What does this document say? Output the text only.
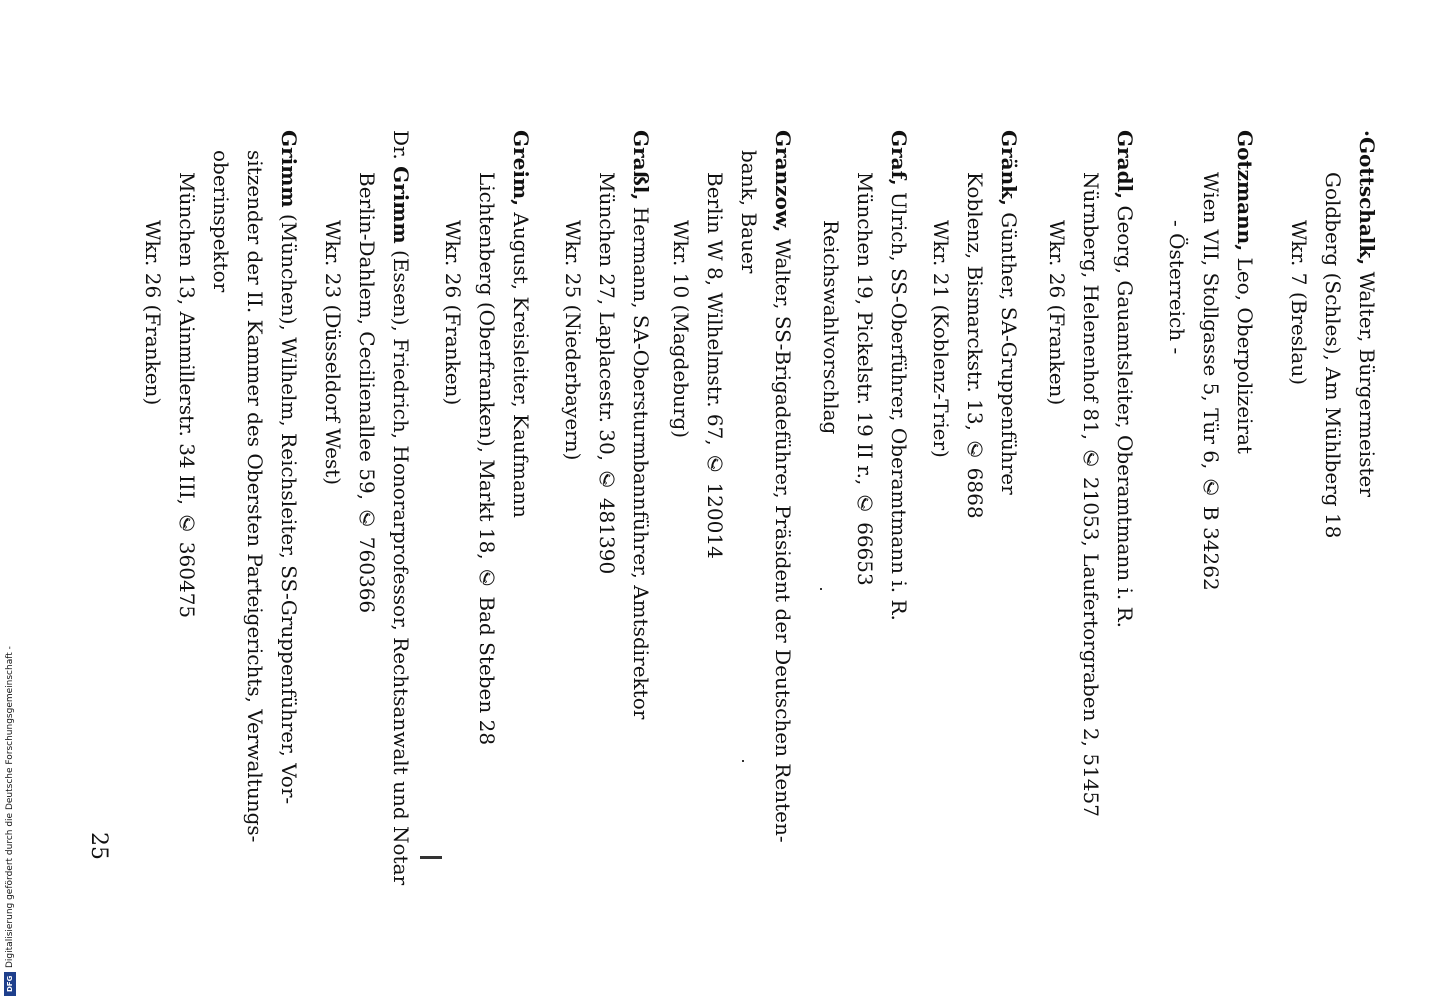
·Gottschalk, Walter, Bürgermeister
Goldberg (Schles), Am Mühlberg 18
Wkr. 7 (Breslau)
Gotzmann, Leo, Oberpolizeirat
Wien VII, Stollgasse 5, Tür 6, ✆ B 34262
- Österreich -
Gradl, Georg, Gauamtsleiter, Oberamtmann i. R.
Nürnberg, Helenenhof 81, ✆ 21053, Laufertorgraben 2, 51457
Wkr. 26 (Franken)
Gränk, Günther, SA-Gruppenführer
Koblenz, Bismarckstr. 13, ✆ 6868
Wkr. 21 (Koblenz-Trier)
Graf, Ulrich, SS-Oberführer, Oberamtmann i. R.
München 19, Pickelstr. 19 II r., ✆ 66653
Reichswahlvorschlag
Granzow, Walter, SS-Brigadeführer, Präsident der Deutschen Renten-
bank, Bauer
Berlin W 8, Wilhelmstr. 67, ✆ 120014
Wkr. 10 (Magdeburg)
Graßl, Hermann, SA-Obersturmbannführer, Amtsdirektor
München 27, Laplacestr. 30, ✆ 481390
Wkr. 25 (Niederbayern)
Greim, August, Kreisleiter, Kaufmann
Lichtenberg (Oberfranken), Markt 18, ✆ Bad Steben 28
Wkr. 26 (Franken)
Dr. Grimm (Essen), Friedrich, Honorarprofessor, Rechtsanwalt und Notar
Berlin-Dahlem, Cecilienallee 59, ✆ 760366
Wkr. 23 (Düsseldorf West)
Grimm (München), Wilhelm, Reichsleiter, SS-Gruppenführer, Vor-
sitzender der II. Kammer des Obersten Parteigerichts, Verwaltungs-
oberinspektor
München 13, Ainmillerstr. 34 III, ✆ 360475
Wkr. 26 (Franken)
25
DFG
Digitalisierung gefördert durch die Deutsche Forschungsgemeinschaft -
